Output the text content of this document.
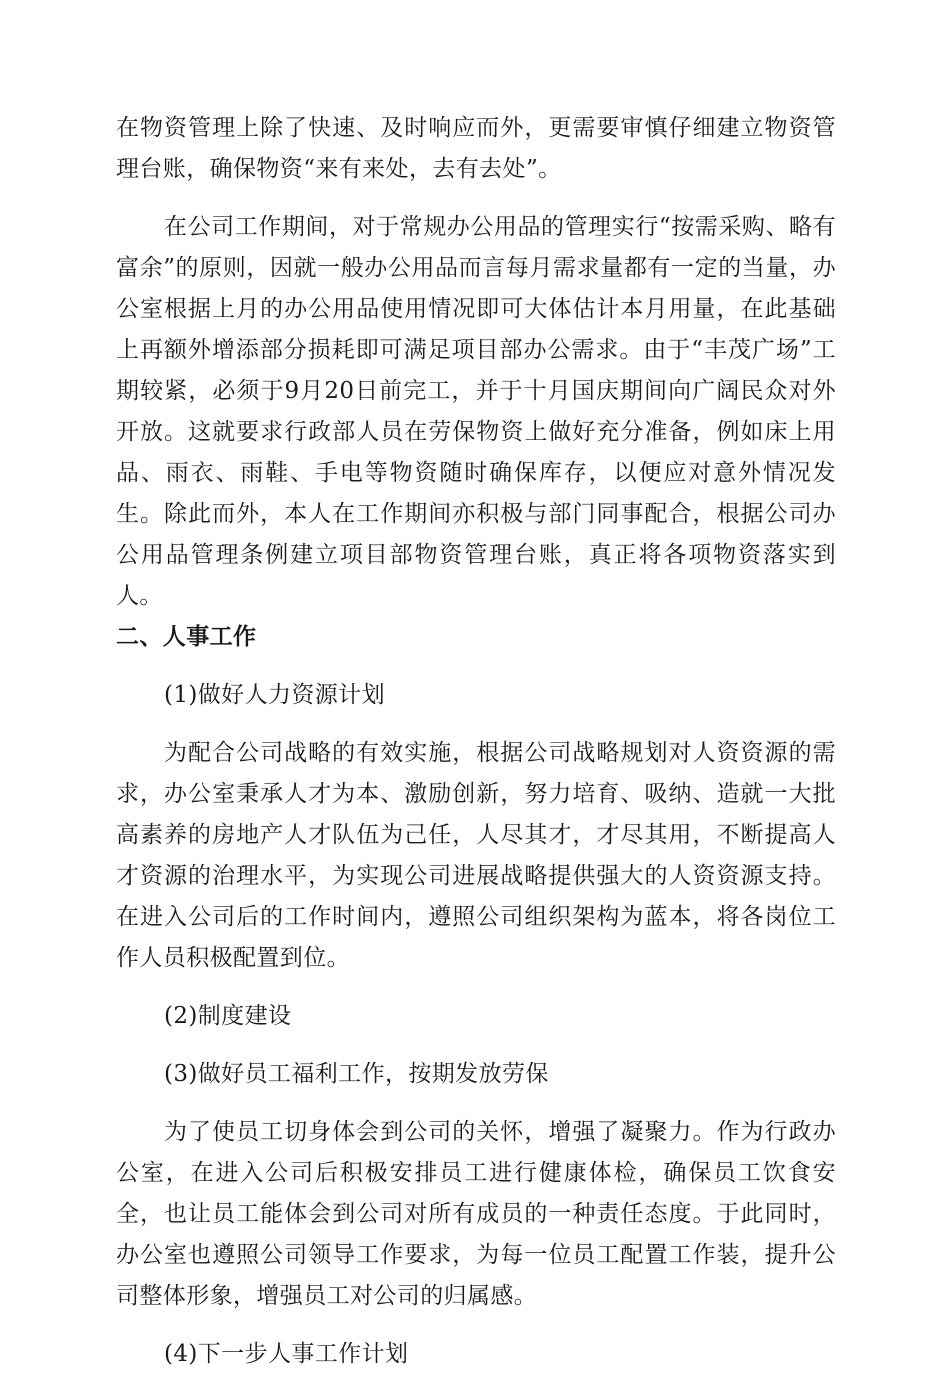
在物资管理上除了快速、及时响应而外，更需要审慎仔细建立物资管理台账，确保物资“来有来处，去有去处”。

在公司工作期间，对于常规办公用品的管理实行“按需采购、略有富余”的原则，因就一般办公用品而言每月需求量都有一定的当量，办公室根据上月的办公用品使用情况即可大体估计本月用量，在此基础上再额外增添部分损耗即可满足项目部办公需求。由于“丰茂广场”工期较紧，必须于9月20日前完工，并于十月国庆期间向广阔民众对外开放。这就要求行政部人员在劳保物资上做好充分准备，例如床上用品、雨衣、雨鞋、手电等物资随时确保库存，以便应对意外情况发生。除此而外，本人在工作期间亦积极与部门同事配合，根据公司办公用品管理条例建立项目部物资管理台账，真正将各项物资落实到人。

二、人事工作

(1)做好人力资源计划

为配合公司战略的有效实施，根据公司战略规划对人资资源的需求，办公室秉承人才为本、激励创新，努力培育、吸纳、造就一大批高素养的房地产人才队伍为己任，人尽其才，才尽其用，不断提高人才资源的治理水平，为实现公司进展战略提供强大的人资资源支持。在进入公司后的工作时间内，遵照公司组织架构为蓝本，将各岗位工作人员积极配置到位。

(2)制度建设

(3)做好员工福利工作，按期发放劳保

为了使员工切身体会到公司的关怀，增强了凝聚力。作为行政办公室，在进入公司后积极安排员工进行健康体检，确保员工饮食安全，也让员工能体会到公司对所有成员的一种责任态度。于此同时，办公室也遵照公司领导工作要求，为每一位员工配置工作装，提升公司整体形象，增强员工对公司的归属感。

(4)下一步人事工作计划
